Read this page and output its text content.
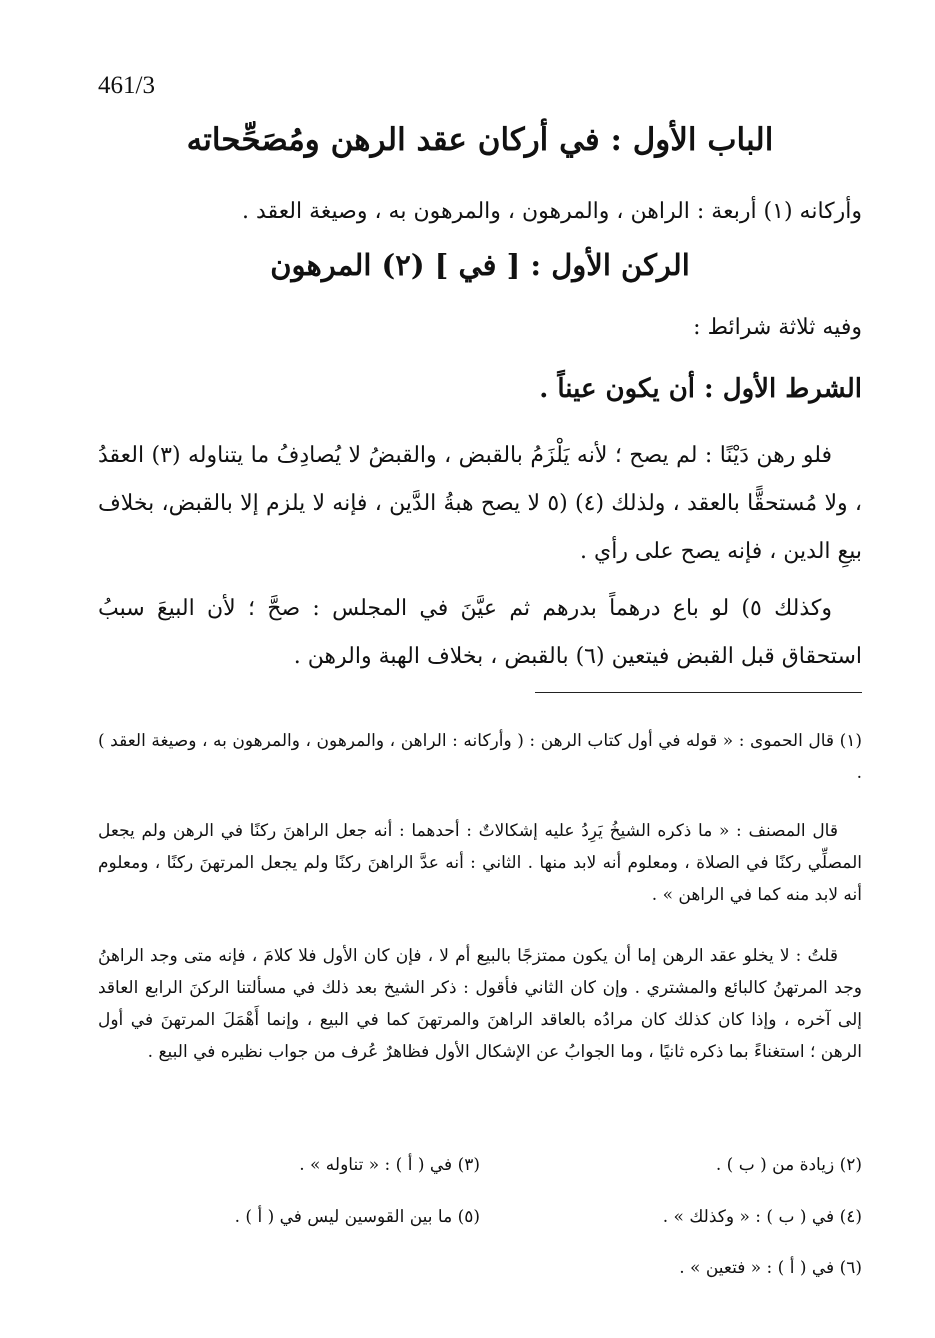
461/3
الباب الأول : في أركان عقد الرهن ومُصَحِّحاته
وأركانه (١) أربعة : الراهن ، والمرهون ، والمرهون به ، وصيغة العقد .
الركن الأول : [ في ] (٢) المرهون
وفيه ثلاثة شرائط :
الشرط الأول : أن يكون عيناً .
فلو رهن دَيْنًا : لم يصح ؛ لأنه يَلْزَمُ بالقبض ، والقبضُ لا يُصادِفُ ما يتناوله (٣) العقدُ ، ولا مُستحقًّا بالعقد ، ولذلك (٤) (٥ لا يصح هبةُ الدَّين ، فإنه لا يلزم إلا بالقبض، بخلاف بيعِ الدين ، فإنه يصح على رأي .
وكذلك ٥) لو باع درهماً بدرهم ثم عيَّنَ في المجلس : صحَّ ؛ لأن البيعَ سببُ استحقاق قبل القبض فيتعين (٦) بالقبض ، بخلاف الهبة والرهن .
(١) قال الحموى : « قوله في أول كتاب الرهن : ( وأركانه : الراهن ، والمرهون ، والمرهون به ، وصيغة العقد ) .
قال المصنف : « ما ذكره الشيخُ يَرِدُ عليه إشكالاتٌ : أحدهما : أنه جعل الراهنَ ركنًا في الرهن ولم يجعل المصلِّي ركنًا في الصلاة ، ومعلوم أنه لابد منها . الثاني : أنه عدَّ الراهنَ ركنًا ولم يجعل المرتهنَ ركنًا ، ومعلوم أنه لابد منه كما في الراهن » .
قلتُ : لا يخلو عقد الرهن إما أن يكون ممتزجًا بالبيع أم لا ، فإن كان الأول فلا كلامَ ، فإنه متى وجد الراهنُ وجد المرتهنُ كالبائع والمشتري . وإن كان الثاني فأقول : ذكر الشيخ بعد ذلك في مسألتنا الركنَ الرابع العاقد إلى آخره ، وإذا كان كذلك كان مرادُه بالعاقد الراهنَ والمرتهنَ كما في البيع ، وإنما أَهْمَلَ المرتهنَ في أول الرهن ؛ استغناءً بما ذكره ثانيًا ، وما الجوابُ عن الإشكال الأول فظاهرٌ عُرف من جواب نظيره في البيع .
(٢) زيادة من ( ب ) .
(٣) في ( أ ) : « تناوله » .
(٤) في ( ب ) : « وكذلك » .
(٥) ما بين القوسين ليس في ( أ ) .
(٦) في ( أ ) : « فتعين » .
